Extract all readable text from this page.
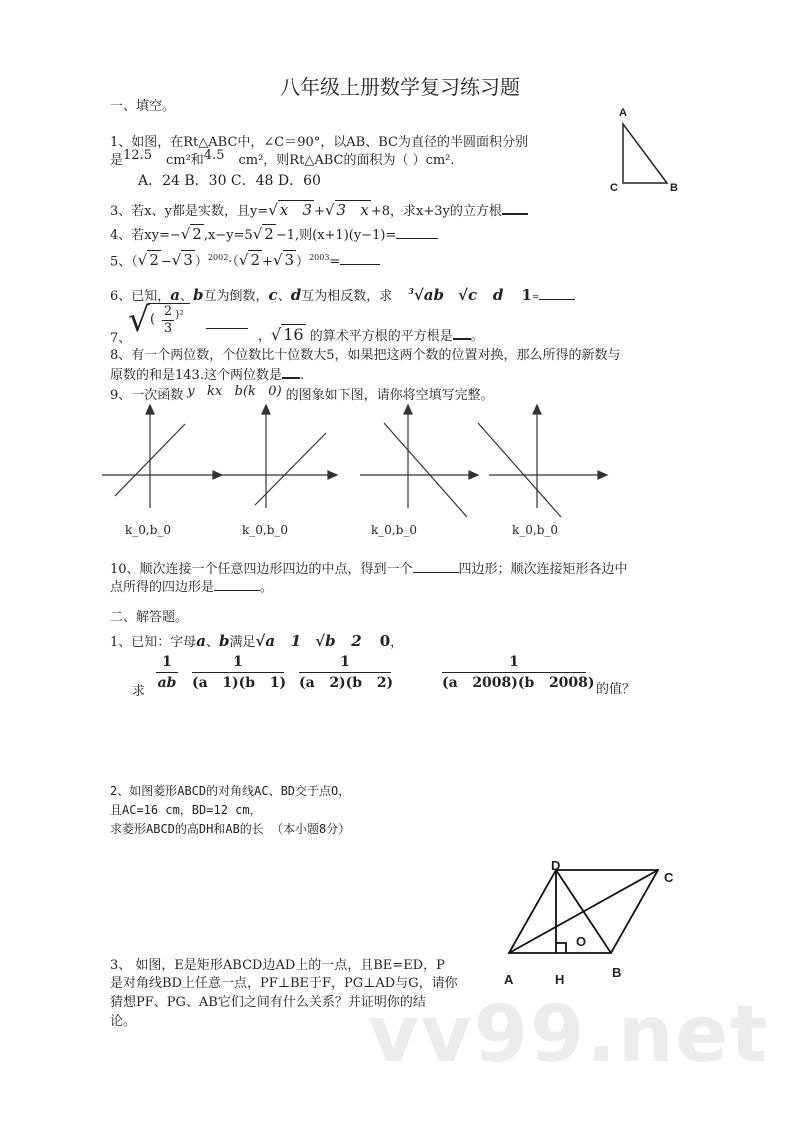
八年级上册数学复习练习题
一、填空。
1、如图，在Rt△ABC中，∠C＝90°，以AB、BC为直径的半圆面积分别
是12.5 cm²和4.5 cm²，则Rt△ABC的面积为（ ）cm².
A．24 B．30 C．48 D．60
A
C	B
3、若x、y都是实数，且y=√ x   3 +√ 3   x +8，求x+3y的立方根
4、若xy=−√ 2 ,x−y=5√ 2 −1,则(x+1)(y−1)=
5、（√ 2 −√ 3 ）$^{2002}$·（√ 2 +√ 3 ）$^{2003}$=
6、已知，a、b互为倒数，c、d互为相反数，求 $^3$√ab √c   d 1=
7、
√ ( $\frac{2}{3} )^2$
，√ 16 的算术平方根的平方根是 。
8、有一个两位数，个位数比十位数大5，如果把这两个数的位置对换，那么所得的新数与
原数的和是143.这个两位数是 .
9、一次函数 y   kx   b(k   0) 的图象如下图，请你将空填写完整。
k_0,b_0	k_0,b_0	k_0,b_0	k_0,b_0
10、顺次连接一个任意四边形四边的中点，得到一个	四边形；顺次连接矩形各边中
点所得的四边形是	。
二、解答题。
1、已知：字母a、b满足√a   1 √b   2 0，
求
$\frac{1}{ab} \frac{1}{(a 1)(b 1)} \frac{1}{(a 2)(b 2)}$	$\frac{1}{(a 2008)(b 2008)}$ 的值？
2、如图菱形ABCD的对角线AC、BD交于点O，
且AC=16 cm，BD=12 cm，
求菱形ABCD的高DH和AB的长 （本小题8分）
D
C
A	H	B
O
3、 如图，E是矩形ABCD边AD上的一点，且BE=ED，P
是对角线BD上任意一点，PF⊥BE于F，PG⊥AD与G，请你
猜想PF、PG、AB它们之间有什么关系？并证明你的结
论。	vv99.net
